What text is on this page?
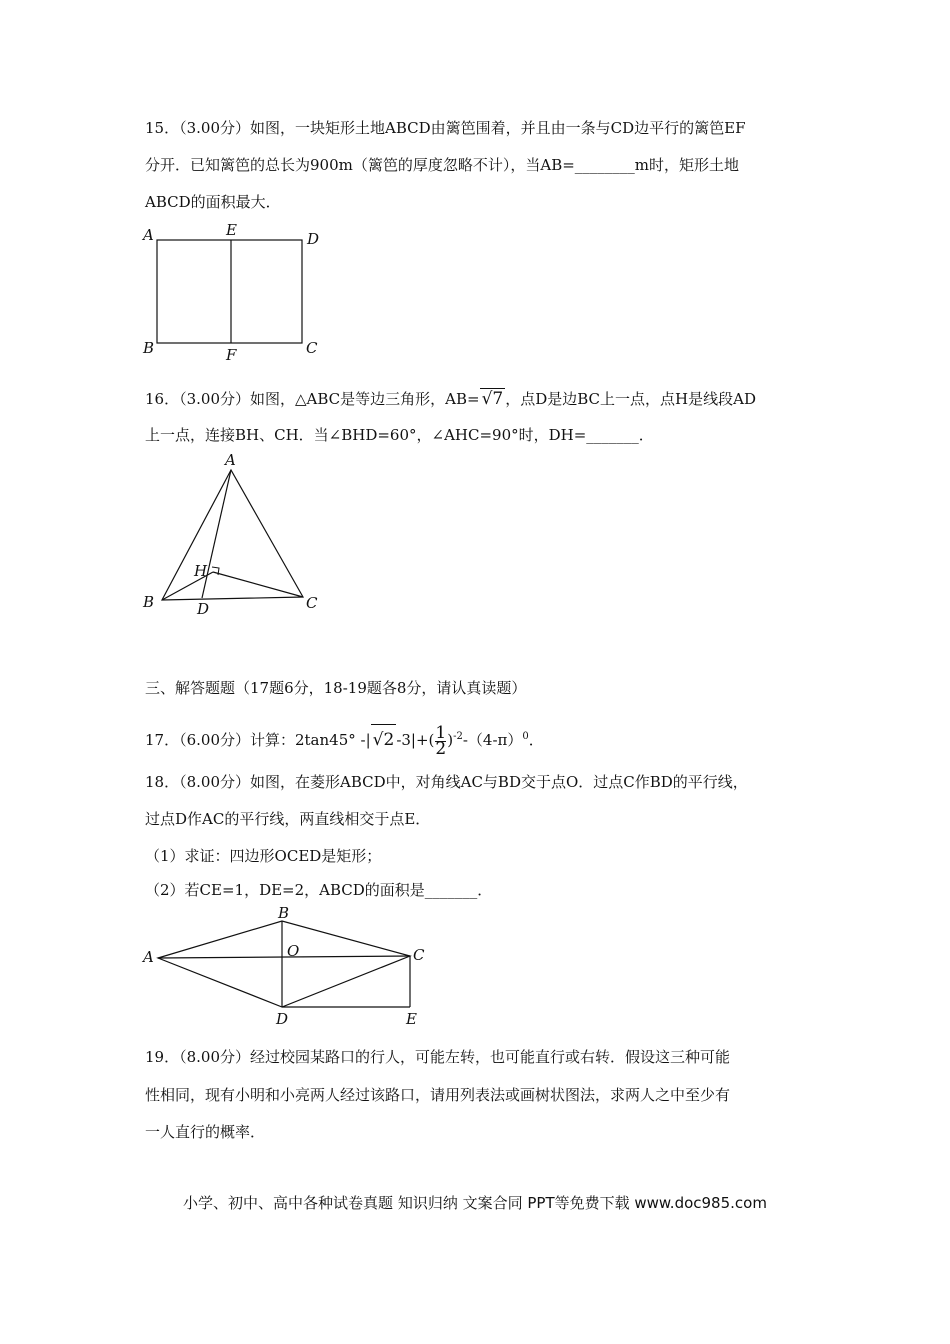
15．（3.00分）如图，一块矩形土地ABCD由篱笆围着，并且由一条与CD边平行的篱笆EF
分开．已知篱笆的总长为900m（篱笆的厚度忽略不计），当AB=________m时，矩形土地
ABCD的面积最大．
A	E	D
B	F	C
16．（3.00分）如图，△ABC是等边三角形，AB= √7 ，点D是边BC上一点，点H是线段AD
上一点，连接BH、CH．当∠BHD=60°，∠AHC=90°时，DH=_______．
A
H
B	D	C
三、解答题题（17题6分，18-19题各8分，请认真读题）
17．（6.00分）计算：2tan45° -| √2 $-3|+( \frac{1}{2} )^{-2}-(4-\pi)^0$．
18．（8.00分）如图，在菱形ABCD中，对角线AC与BD交于点O．过点C作BD的平行线，
过点D作AC的平行线，两直线相交于点E．
（1）求证：四边形OCED是矩形；
（2）若CE=1，DE=2，ABCD的面积是_______．
A
B
O	C
D	E
19．（8.00分）经过校园某路口的行人，可能左转，也可能直行或右转．假设这三种可能
性相同，现有小明和小亮两人经过该路口，请用列表法或画树状图法，求两人之中至少有
一人直行的概率．
小学、初中、高中各种试卷真题 知识归纳 文案合同 PPT等免费下载 www.doc985.com
